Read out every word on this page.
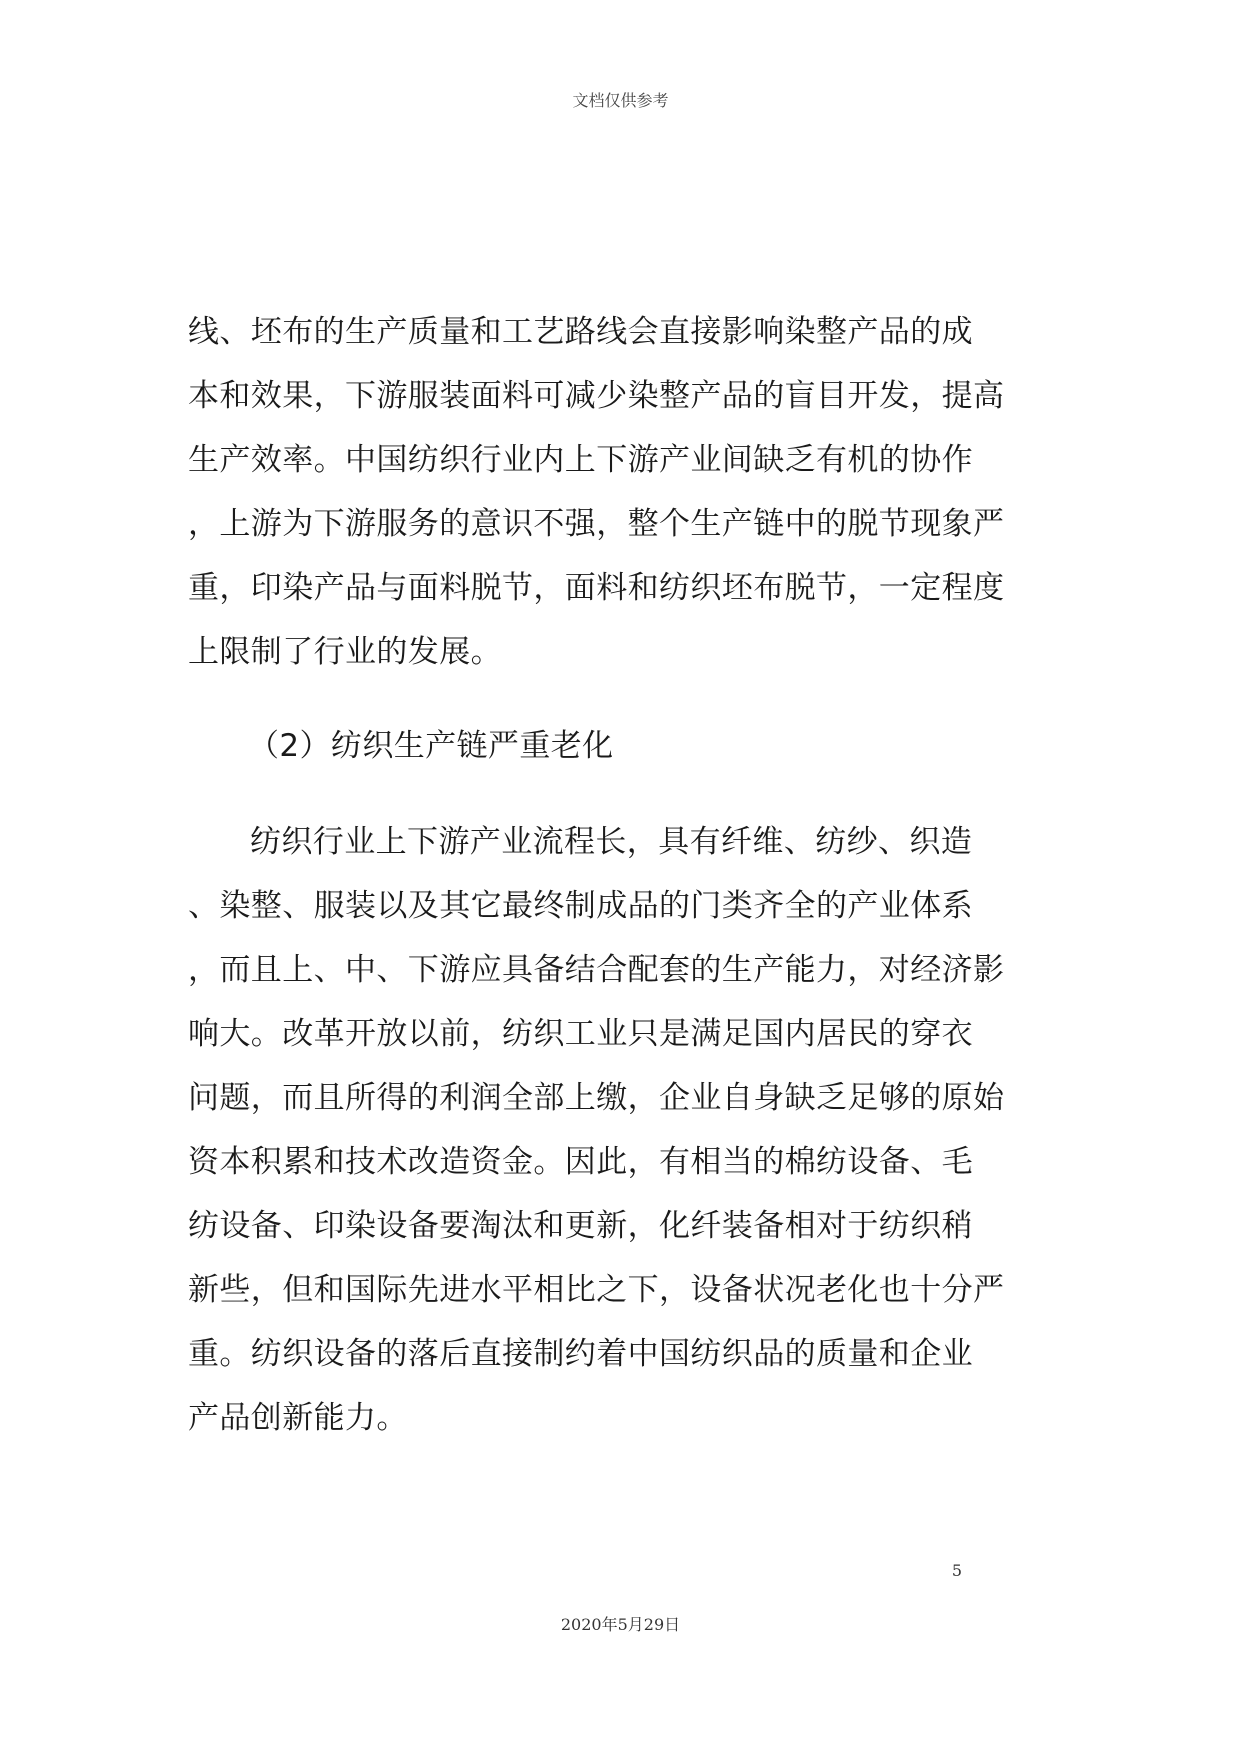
文档仅供参考
线、坯布的生产质量和工艺路线会直接影响染整产品的成
本和效果，下游服装面料可减少染整产品的盲目开发，提高
生产效率。中国纺织行业内上下游产业间缺乏有机的协作
，上游为下游服务的意识不强，整个生产链中的脱节现象严
重，印染产品与面料脱节，面料和纺织坯布脱节，一定程度
上限制了行业的发展。
（2）纺织生产链严重老化
纺织行业上下游产业流程长，具有纤维、纺纱、织造
、染整、服装以及其它最终制成品的门类齐全的产业体系
，而且上、中、下游应具备结合配套的生产能力，对经济影
响大。改革开放以前，纺织工业只是满足国内居民的穿衣
问题，而且所得的利润全部上缴，企业自身缺乏足够的原始
资本积累和技术改造资金。因此，有相当的棉纺设备、毛
纺设备、印染设备要淘汰和更新，化纤装备相对于纺织稍
新些，但和国际先进水平相比之下，设备状况老化也十分严
重。纺织设备的落后直接制约着中国纺织品的质量和企业
产品创新能力。
5
2020年5月29日
